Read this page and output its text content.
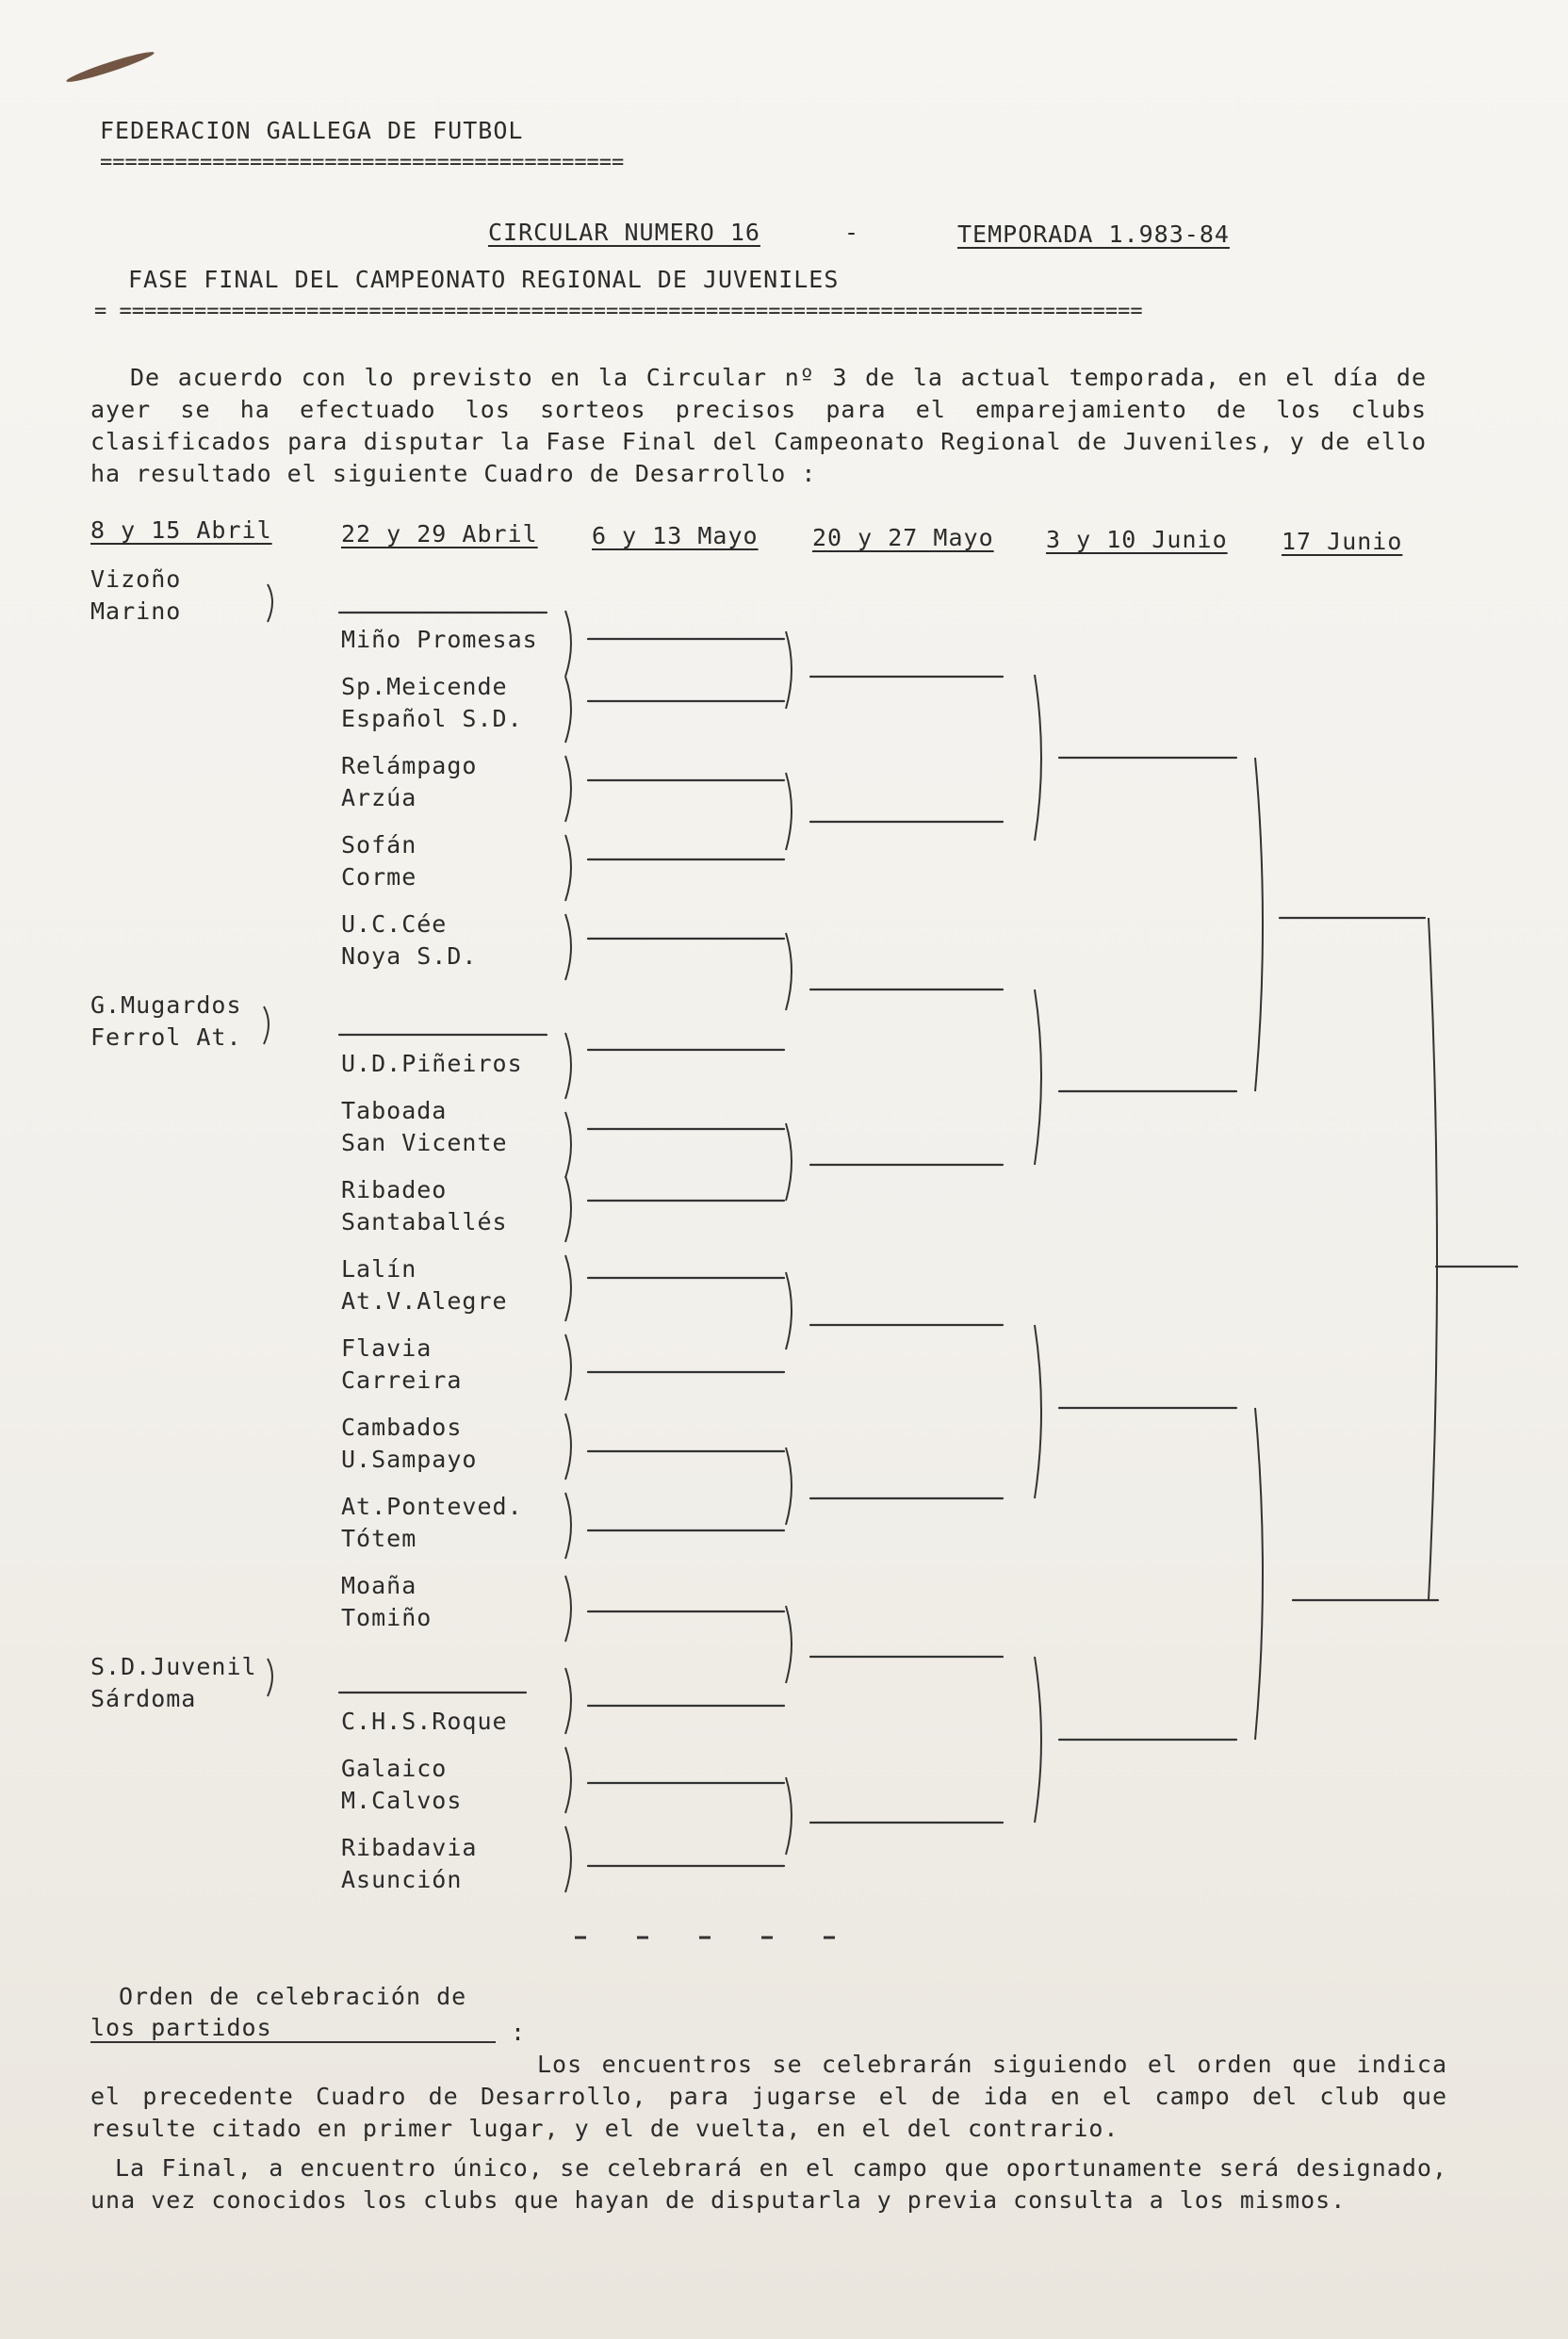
FEDERACION GALLEGA DE FUTBOL
==========================================
CIRCULAR NUMERO 16	-	TEMPORADA 1.983-84
FASE FINAL DEL CAMPEONATO REGIONAL DE JUVENILES
= ==================================================================================
De acuerdo con lo previsto en la Circular nº 3 de la actual temporada, en el día de ayer se ha efectuado los sorteos precisos para el emparejamiento de los clubs clasificados para disputar la Fase Final del Campeonato Regional de Juveniles, y de ello ha resultado el siguiente Cuadro de Desarrollo :
8 y 15 Abril	22 y 29 Abril 6 y 13 Mayo 20 y 27 Mayo 3 y 10 Junio 17 Junio
Vizoño
Marino
G.Mugardos
Ferrol At.
S.D.Juvenil
Sárdoma
Miño Promesas
Sp.Meicende
Español S.D.
Relámpago
Arzúa
Sofán
Corme
U.C.Cée
Noya S.D.
U.D.Piñeiros
Taboada
San Vicente
Ribadeo
Santaballés
Lalín
At.V.Alegre
Flavia
Carreira
Cambados
U.Sampayo
At.Ponteved.
Tótem
Moaña
Tomiño
C.H.S.Roque
Galaico
M.Calvos
Ribadavia
Asunción
Orden de celebración de
los partidos	:
Los encuentros se celebrarán siguiendo el orden que indica el precedente Cuadro de Desarrollo, para jugarse el de ida en el campo del club que resulte citado en primer lugar, y el de vuelta, en el del contrario.
La Final, a encuentro único, se celebrará en el campo que oportunamente será designado, una vez conocidos los clubs que hayan de disputarla y previa consulta a los mismos.
